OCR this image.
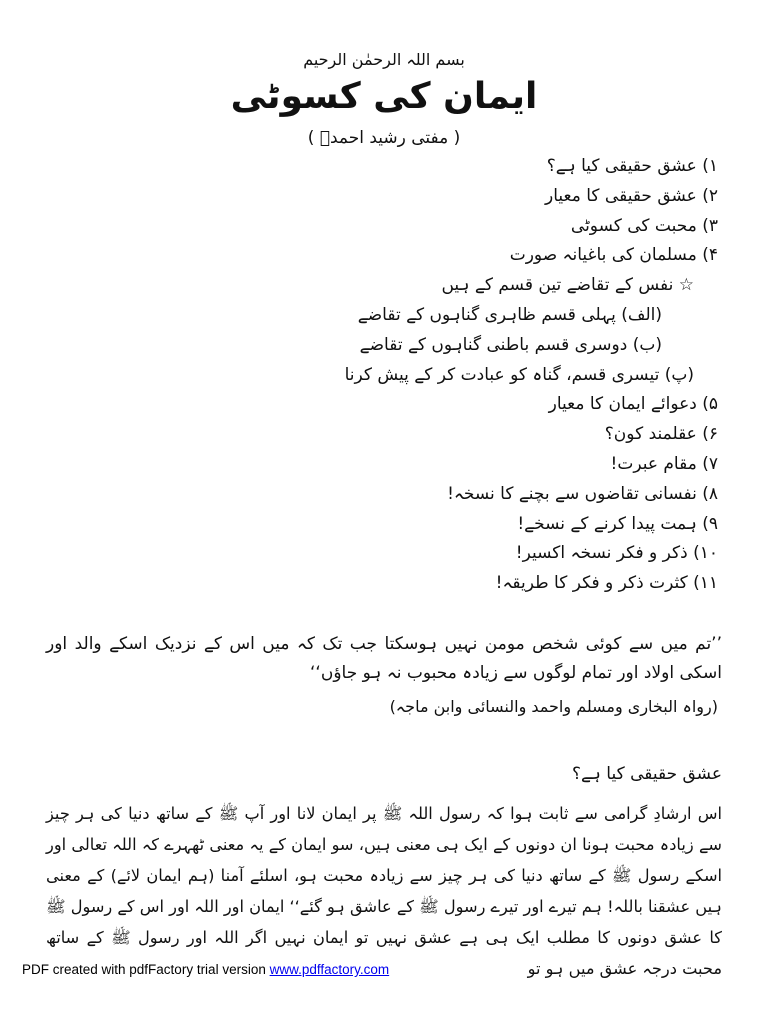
بسم اللہ الرحمٰن الرحیم
ایمان کی کسوٹی
( مفتی رشید احمدؒ )
۱) عشق حقیقی کیا ہے؟
۲) عشق حقیقی کا معیار
۳) محبت کی کسوٹی
۴) مسلمان کی باغیانہ صورت
☆ نفس کے تقاضے تین قسم کے ہیں
(الف) پہلی قسم ظاہری گناہوں کے تقاضے
(ب) دوسری قسم باطنی گناہوں کے تقاضے
(پ) تیسری قسم، گناہ کو عبادت کر کے پیش کرنا
۵) دعوائے ایمان کا معیار
۶) عقلمند کون؟
۷) مقام عبرت!
۸) نفسانی تقاضوں سے بچنے کا نسخہ!
۹) ہمت پیدا کرنے کے نسخے!
۱۰) ذکر و فکر نسخہ اکسیر!
۱۱) کثرت ذکر و فکر کا طریقہ!
’’تم میں سے کوئی شخص مومن نہیں ہوسکتا جب تک کہ میں اس کے نزدیک اسکے والد اور اسکی اولاد اور تمام لوگوں سے زیادہ محبوب نہ ہو جاؤں‘‘
(رواہ البخاری ومسلم واحمد والنسائی وابن ماجہ)
عشق حقیقی کیا ہے؟
اس ارشادِ گرامی سے ثابت ہوا کہ رسول اللہ ﷺ پر ایمان لانا اور آپ ﷺ کے ساتھ دنیا کی ہر چیز سے زیادہ محبت ہونا ان دونوں کے ایک ہی معنی ہیں، سو ایمان کے یہ معنی ٹھہرے کہ اللہ تعالی اور اسکے رسول ﷺ کے ساتھ دنیا کی ہر چیز سے زیادہ محبت ہو، اسلئے آمنا (ہم ایمان لائے) کے معنی ہیں عشقنا باللہ! ہم تیرے اور تیرے رسول ﷺ کے عاشق ہو گئے‘‘ ایمان اور اللہ اور اس کے رسول ﷺ کا عشق دونوں کا مطلب ایک ہی ہے عشق نہیں تو ایمان نہیں اگر اللہ اور رسول ﷺ کے ساتھ محبت درجہ عشق میں ہو تو
PDF created with pdfFactory trial version www.pdffactory.com
